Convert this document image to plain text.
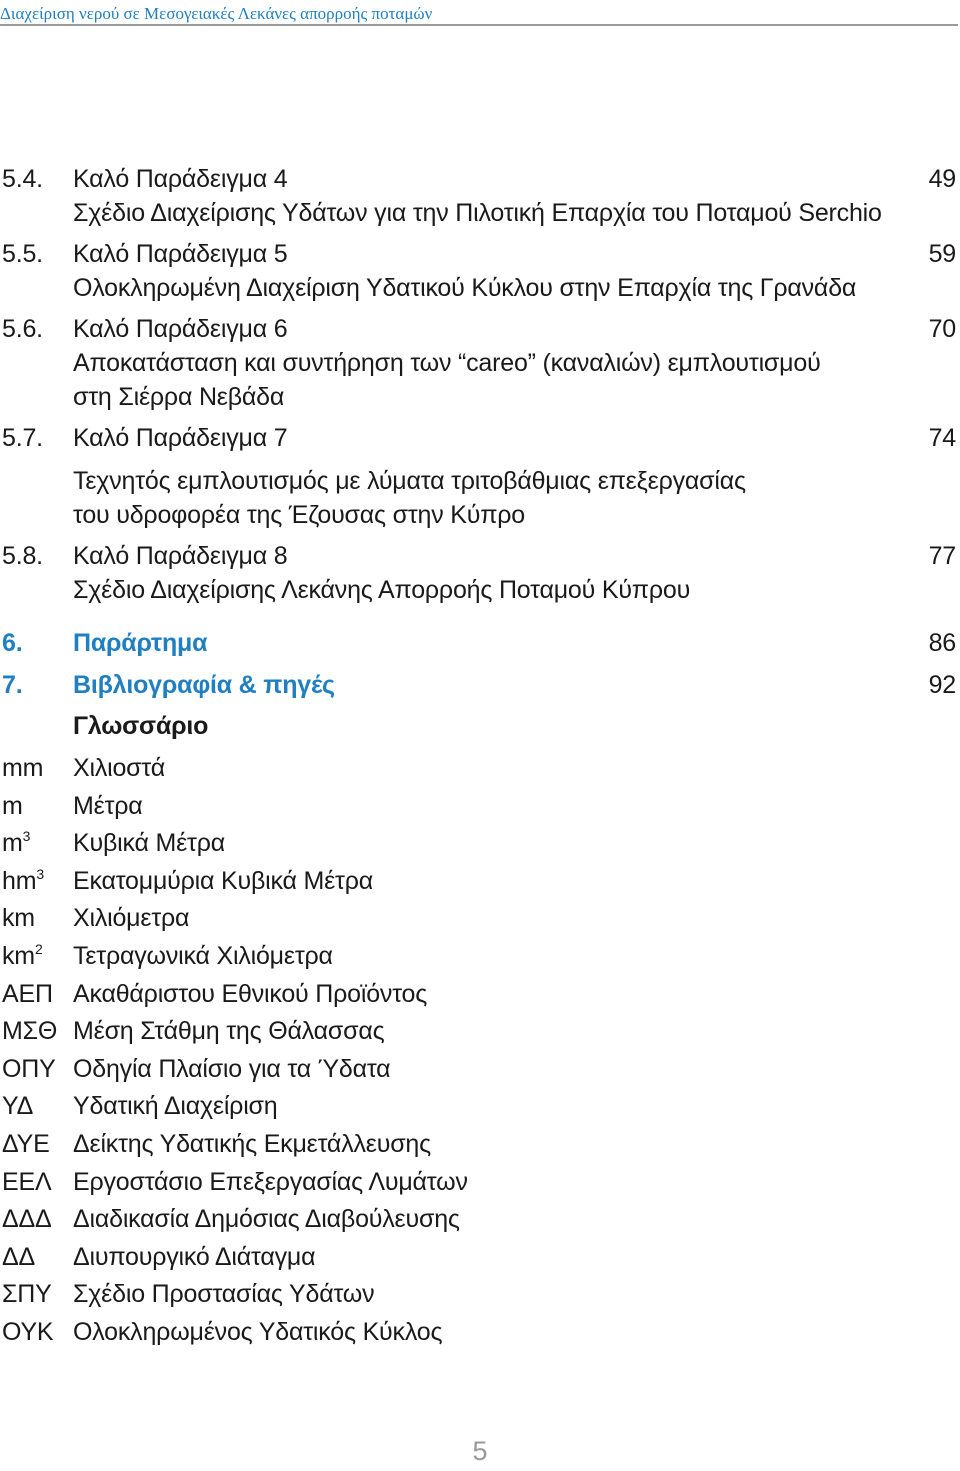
Διαχείριση νερού σε Μεσογειακές Λεκάνες απορροής ποταμών
5.4. Καλό Παράδειγμα 4	49
Σχέδιο Διαχείρισης Υδάτων για την Πιλοτική Επαρχία του Ποταμού Serchio
5.5. Καλό Παράδειγμα 5	59
Ολοκληρωμένη Διαχείριση Υδατικού Κύκλου στην Επαρχία της Γρανάδα
5.6. Καλό Παράδειγμα 6	70
Αποκατάσταση και συντήρηση των “careo” (καναλιών) εμπλουτισμού
στη Σιέρρα Νεβάδα
5.7. Καλό Παράδειγμα 7	74
Τεχνητός εμπλουτισμός με λύματα τριτοβάθμιας επεξεργασίας
του υδροφορέα της Έζουσας στην Κύπρο
5.8. Καλό Παράδειγμα 8	77
Σχέδιο Διαχείρισης Λεκάνης Απορροής Ποταμού Κύπρου
6. Παράρτημα	86
7. Βιβλιογραφία & πηγές	92
Γλωσσάριο
mm Χιλιοστά
m Μέτρα
$m^3$ Κυβικά Μέτρα
$hm^3$ Εκατομμύρια Κυβικά Μέτρα
km Χιλιόμετρα
$km^2$ Τετραγωνικά Χιλιόμετρα
ΑΕΠ Ακαθάριστου Εθνικού Προϊόντος
ΜΣΘ Μέση Στάθμη της Θάλασσας
ΟΠΥ Οδηγία Πλαίσιο για τα Ύδατα
ΥΔ Υδατική Διαχείριση
ΔΥΕ Δείκτης Υδατικής Εκμετάλλευσης
ΕΕΛ Εργοστάσιο Επεξεργασίας Λυμάτων
ΔΔΔ Διαδικασία Δημόσιας Διαβούλευσης
ΔΔ Διυπουργικό Διάταγμα
ΣΠΥ Σχέδιο Προστασίας Υδάτων
ΟΥΚ Ολοκληρωμένος Υδατικός Κύκλος
5
